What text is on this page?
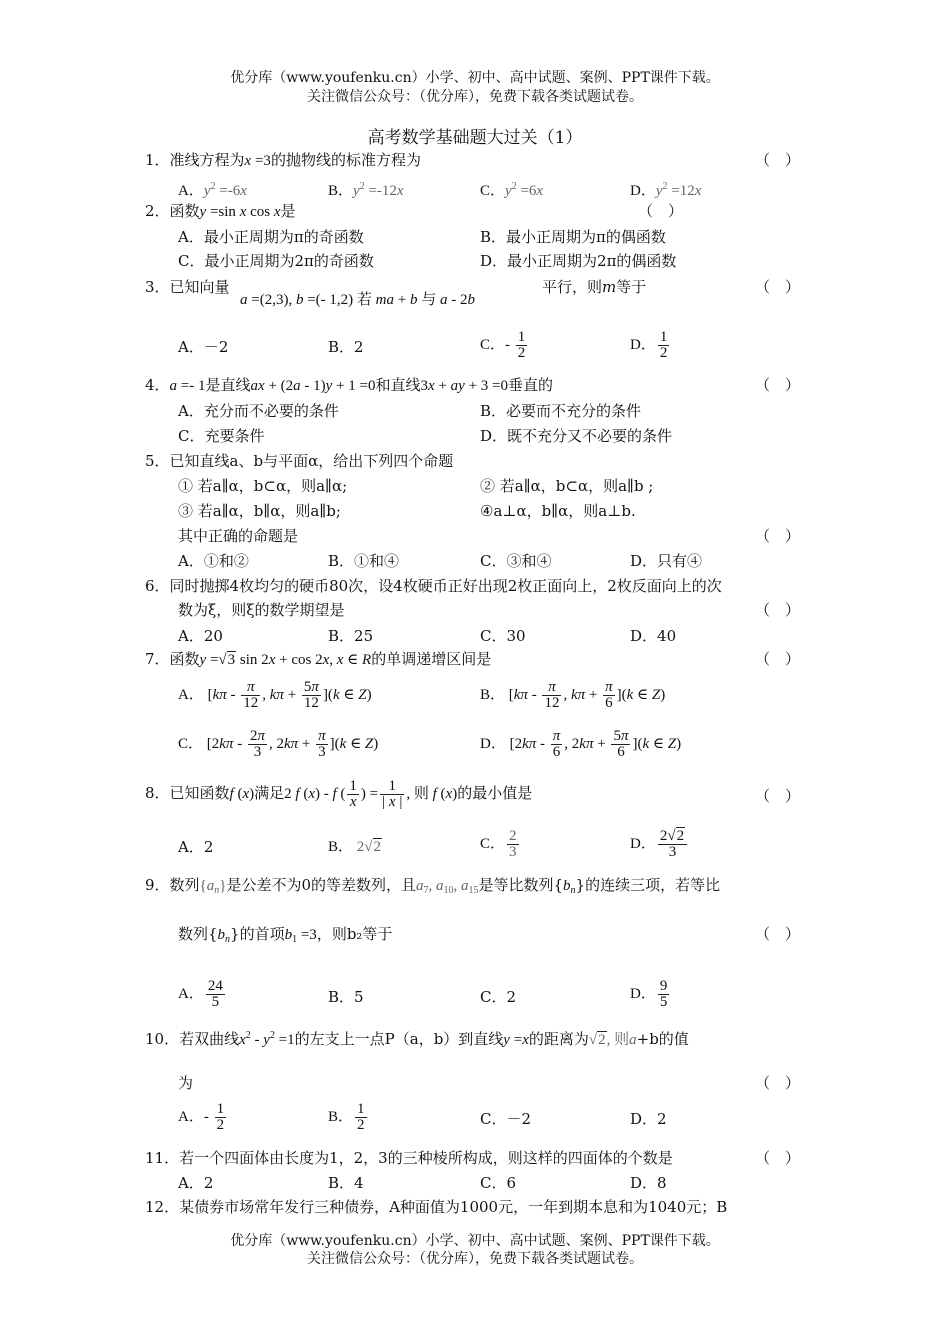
优分库（www.youfenku.cn）小学、初中、高中试题、案例、PPT课件下载。
关注微信公众号：（优分库），免费下载各类试题试卷。
高考数学基础题大过关（1）
1．准线方程为x =3的抛物线的标准方程为	（　）
A．$y^2 =-6x$	B．$y^2 =-12x$	C．$y^2 =6x$	D．$y^2 =12x$
2．函数y =sin x cos x是	（　）
A．最小正周期为π的奇函数	B．最小正周期为π的偶函数
C．最小正周期为2π的奇函数	D．最小正周期为2π的偶函数
3．已知向量
a =(2,3), b =(- 1,2) 若 ma + b 与 a - 2b
平行，则m等于	（　）
A．－2	B．2	C．- $\frac{1}{2}$	D． $\frac{1}{2}$
4．a =- 1是直线ax + (2a - 1)y + 1 =0和直线3x + ay + 3 =0垂直的	（　）
A．充分而不必要的条件	B．必要而不充分的条件
C．充要条件	D．既不充分又不必要的条件
5．已知直线a、b与平面α，给出下列四个命题
① 若a∥α，b⊂α，则a∥α;	② 若a∥α，b⊂α，则a∥b ;
③ 若a∥α，b∥α，则a∥b;	④a⊥α，b∥α，则a⊥b.
其中正确的命题是	（　）
A．①和②	B．①和④	C．③和④	D．只有④
6．同时抛掷4枚均匀的硬币80次，设4枚硬币正好出现2枚正面向上，2枚反面向上的次
数为ξ，则ξ的数学期望是	（　）
A．20	B．25	C．30	D．40
7．函数y =√3 sin 2x + cos 2x, x ∈ R的单调递增区间是	（　）
A． [$k\pi - \frac{\pi}{12}$ , $k\pi + \frac{5\pi}{12} ](k$ ∈ Z)	B． [$k\pi - \frac{\pi}{12}$ , $k\pi + \frac{\pi}{6} ](k$ ∈ Z)
C． [$2k\pi - \frac{2\pi}{3}$ , $2k\pi + \frac{\pi}{3} ](k$ ∈ Z)	D． [$2k\pi - \frac{\pi}{6}$ , $2k\pi + \frac{5\pi}{6} ](k$ ∈ Z)
8．已知函数f (x)满足2 f (x) - f ( $\frac{1}{x}$ ) = $\frac{1}{| x |}$ , 则 f (x)的最小值是	（　）
A．2	B． 2√2	C． $\frac{2}{3}$	D． $\frac{2√2}{3}$
9．数列$\{a_n\}$是公差不为0的等差数列，且$a_7$, $a_{10}$, $a_{15}$是等比数列$\{b_n\}$的连续三项，若等比
数列$\{b_n\}$的首项$b_1 =3$，则b₂等于	（　）
A． $\frac{24}{5}$	B．5	C．2	D． $\frac{9}{5}$
10．若双曲线$x^2 - y^2 =1$的左支上一点P（a，b）到直线y =x的距离为√2, 则a+b的值
为	（　）
A．- $\frac{1}{2}$	B． $\frac{1}{2}$	C．－2	D．2
11．若一个四面体由长度为1，2，3的三种棱所构成，则这样的四面体的个数是	（　）
A．2	B．4	C．6	D．8
12．某债券市场常年发行三种债券，A种面值为1000元，一年到期本息和为1040元；B
优分库（www.youfenku.cn）小学、初中、高中试题、案例、PPT课件下载。
关注微信公众号：（优分库），免费下载各类试题试卷。
